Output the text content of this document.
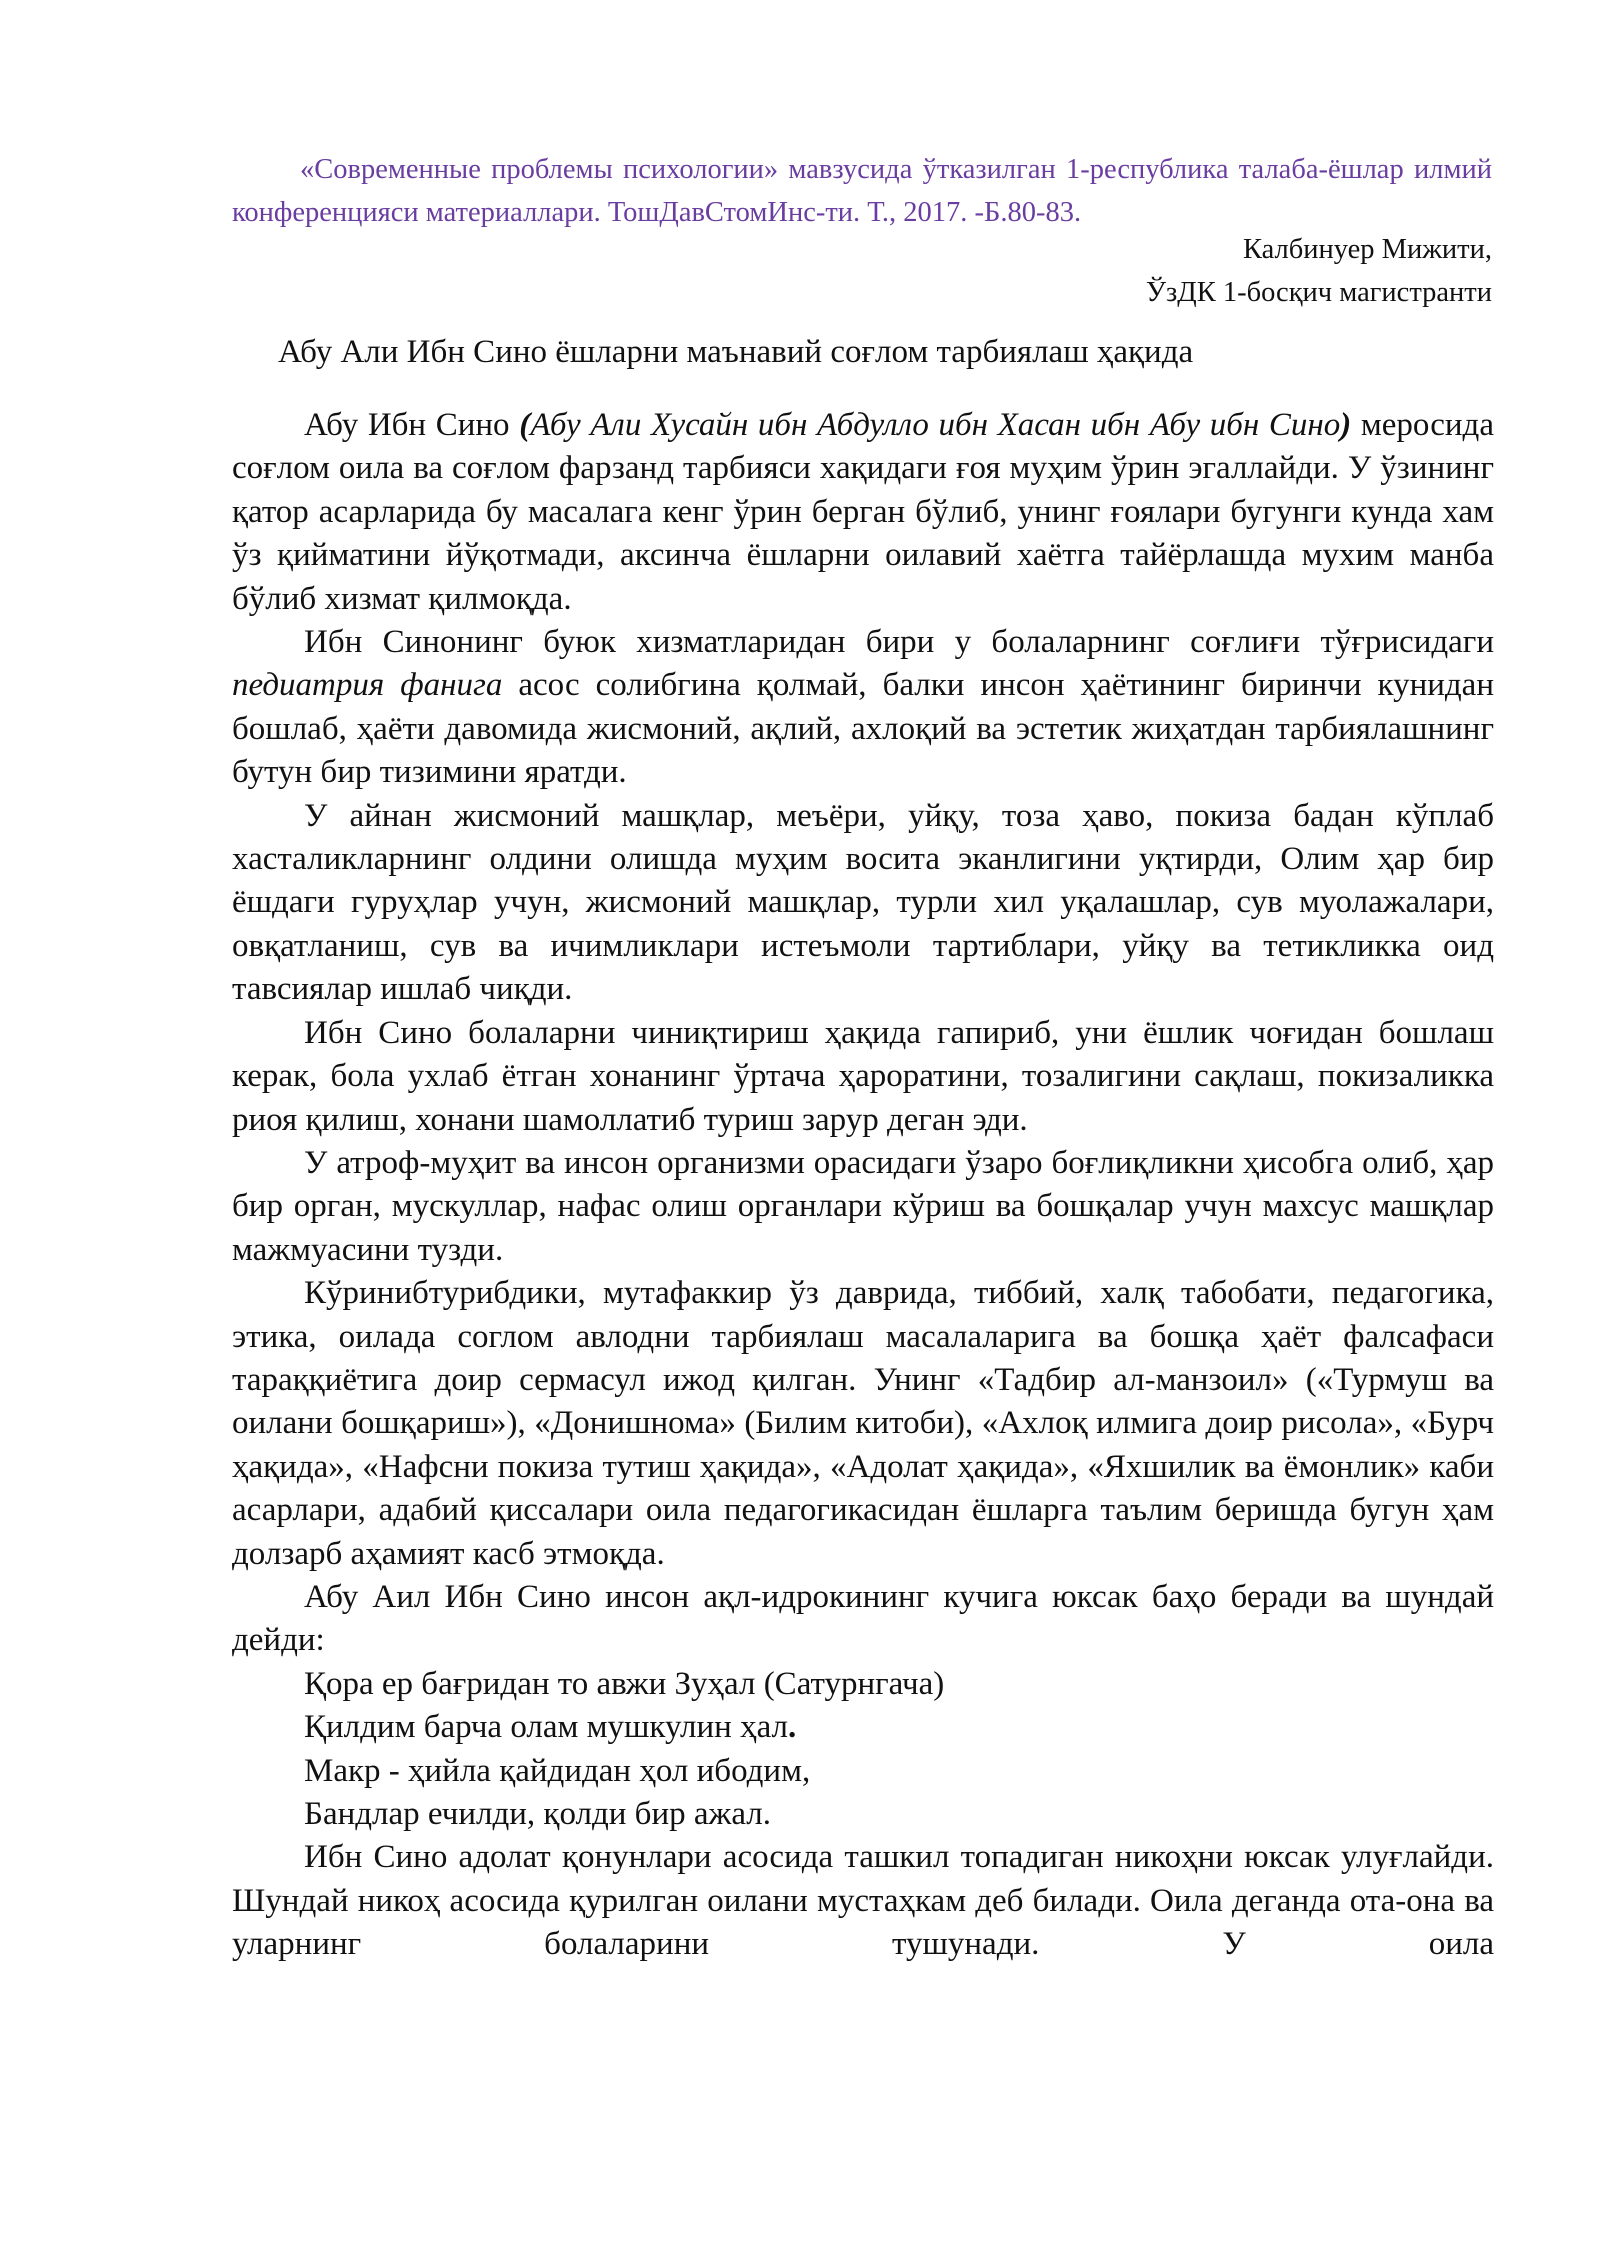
«Современные проблемы психологии» мавзусида ўтказилган 1-республика талаба-ёшлар илмий конференцияси материаллари. ТошДавСтомИнс-ти. Т., 2017. -Б.80-83.
Калбинуер Мижити,
ЎзДК 1-босқич магистранти
Абу Али Ибн Сино ёшларни маънавий соғлом тарбиялаш ҳақида

Абу Ибн Сино (Абу Али Хусайн ибн Абдулло ибн Хасан ибн Абу ибн Сино) меросида соғлом оила ва соғлом фарзанд тарбияси хақидаги ғоя муҳим ўрин эгаллайди. У ўзининг қатор асарларида бу масалага кенг ўрин берган бўлиб, унинг ғоялари бугунги кунда хам ўз қийматини йўқотмади, аксинча ёшларни оилавий хаётга тайёрлашда мухим манба бўлиб хизмат қилмоқда.

Ибн Синонинг буюк хизматларидан бири у болаларнинг соғлиғи тўғрисидаги педиатрия фанига асос солибгина қолмай, балки инсон ҳаётининг биринчи кунидан бошлаб, ҳаёти давомида жисмоний, ақлий, ахлоқий ва эстетик жиҳатдан тарбиялашнинг бутун бир тизимини яратди.

У айнан жисмоний машқлар, меъёри, уйқу, тоза ҳаво, покиза бадан кўплаб хасталикларнинг олдини олишда муҳим восита эканлигини уқтирди, Олим ҳар бир ёшдаги гуруҳлар учун, жисмоний машқлар, турли хил уқалашлар, сув муолажалари, овқатланиш, сув ва ичимликлари истеъмоли тартиблари, уйқу ва тетикликка оид тавсиялар ишлаб чиқди.

Ибн Сино болаларни чиниқтириш ҳақида гапириб, уни ёшлик чоғидан бошлаш керак, бола ухлаб ётган хонанинг ўртача ҳароратини, тозалигини сақлаш, покизаликка риоя қилиш, хонани шамоллатиб туриш зарур деган эди.

У атроф-муҳит ва инсон организми орасидаги ўзаро боғлиқликни ҳисобга олиб, ҳар бир орган, мускуллар, нафас олиш органлари кўриш ва бошқалар учун махсус машқлар мажмуасини тузди.

Кўринибтурибдики, мутафаккир ўз даврида, тиббий, халқ табобати, педагогика, этика, оилада соглом авлодни тарбиялаш масалаларига ва бошқа ҳаёт фалсафаси тараққиётига доир сермасул ижод қилган. Унинг «Тадбир ал-манзоил» («Турмуш ва оилани бошқариш»), «Донишнома» (Билим китоби), «Ахлоқ илмига доир рисола», «Бурч ҳақида», «Нафсни покиза тутиш ҳақида», «Адолат ҳақида», «Яхшилик ва ёмонлик» каби асарлари, адабий қиссалари оила педагогикасидан ёшларга таълим беришда бугун ҳам долзарб аҳамият касб этмоқда.

Абу Аил Ибн Сино инсон ақл-идрокининг кучига юксак баҳо беради ва шундай дейди:

Қора ер бағридан то авжи Зуҳал (Сатурнгача)

Қилдим барча олам мушкулин ҳал.

Макр - ҳийла қайдидан ҳол ибодим,

Бандлар ечилди, қолди бир ажал.

Ибн Сино адолат қонунлари асосида ташкил топадиган никоҳни юксак улуғлайди. Шундай никоҳ асосида қурилган оилани мустаҳкам деб билади. Оила деганда ота-она ва уларнинг болаларини тушунади. У оила
